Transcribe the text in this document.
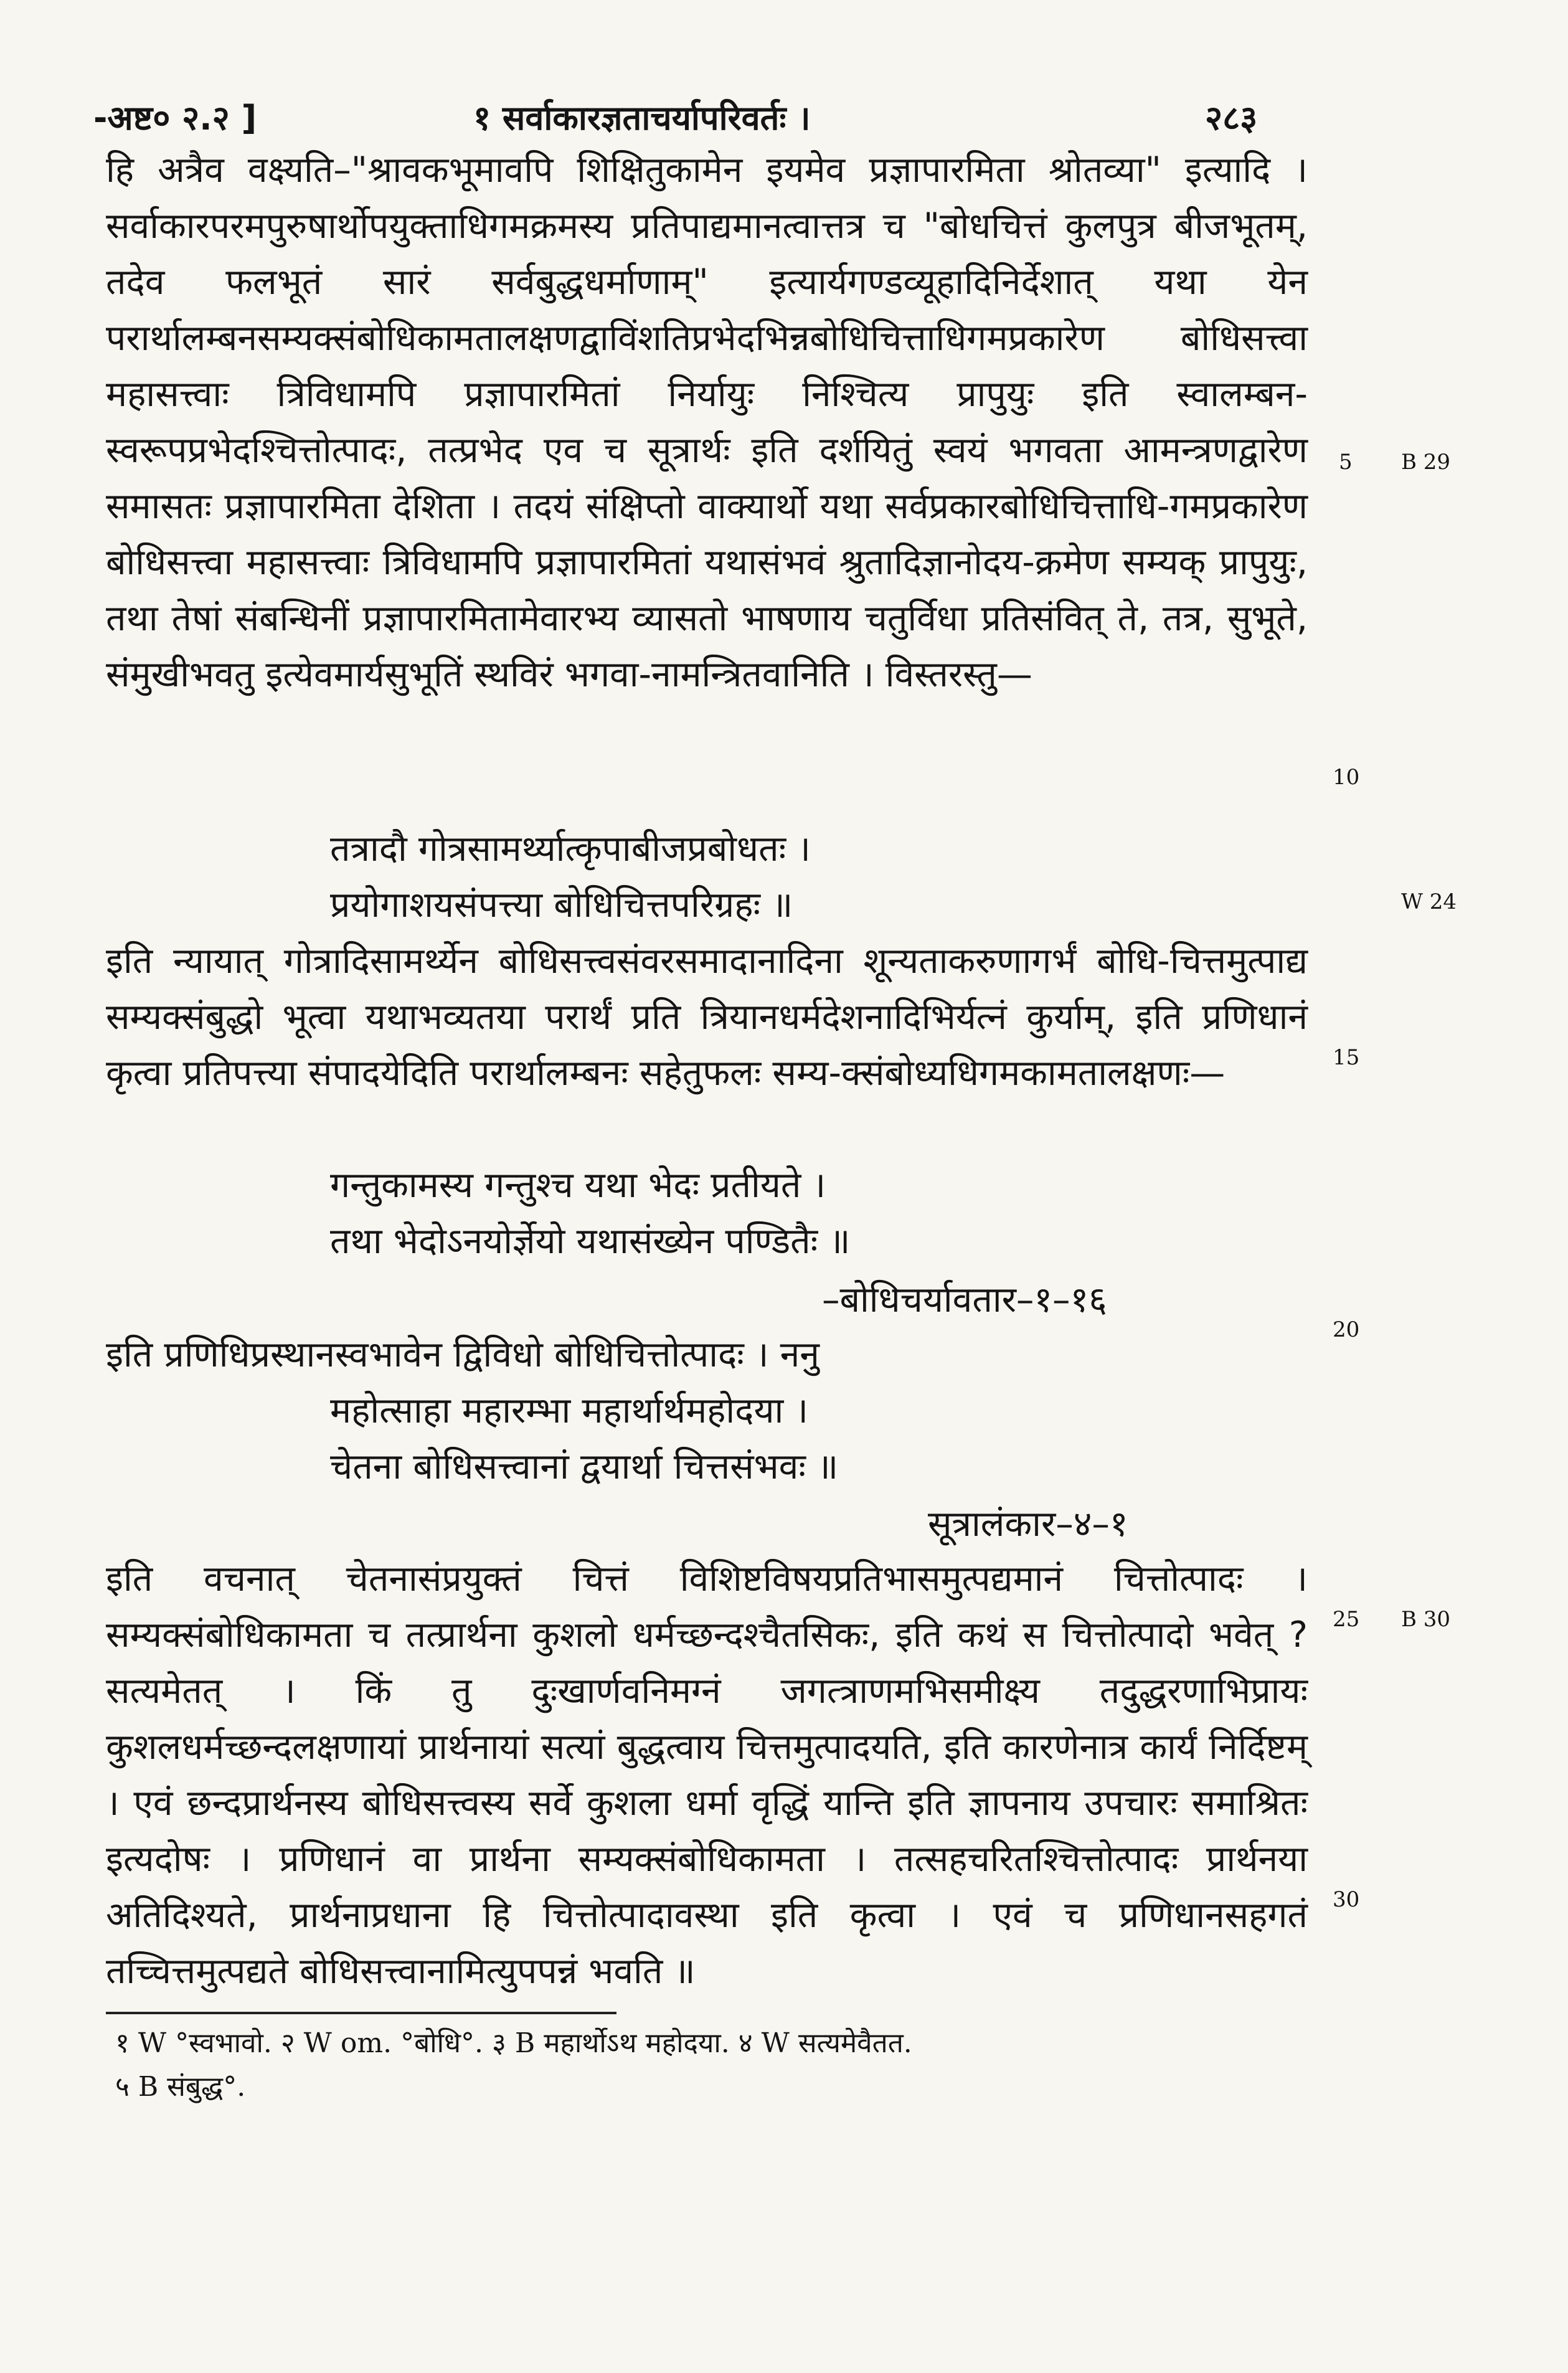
-अष्ट० २.२ ]	१ सर्वाकारज्ञताचर्यापरिवर्तः ।	२८३
हि अत्रैव वक्ष्यति–"श्रावकभूमावपि शिक्षितुकामेन इयमेव प्रज्ञापारमिता श्रोतव्या" इत्यादि । सर्वाकारपरमपुरुषार्थोपयुक्ताधिगमक्रमस्य प्रतिपाद्यमानत्वात्तत्र च "बोधचित्तं कुलपुत्र बीजभूतम्, तदेव फलभूतं सारं सर्वबुद्धधर्माणाम्" इत्यार्यगण्डव्यूहादिनिर्देशात् यथा येन परार्थालम्बनसम्यक्संबोधिकामतालक्षणद्वाविंशतिप्रभेदभिन्नबोधिचित्ताधिगमप्रकारेण बोधिसत्त्वा महासत्त्वाः त्रिविधामपि प्रज्ञापारमितां निर्यायुः निश्चित्य प्रापुयुः इति स्वालम्बन-स्वरूपप्रभेदश्चित्तोत्पादः, तत्प्रभेद एव च सूत्रार्थः इति दर्शयितुं स्वयं भगवता आमन्त्रणद्वारेण समासतः प्रज्ञापारमिता देशिता । तदयं संक्षिप्तो वाक्यार्थो यथा सर्वप्रकारबोधिचित्ताधि-गमप्रकारेण बोधिसत्त्वा महासत्त्वाः त्रिविधामपि प्रज्ञापारमितां यथासंभवं श्रुतादिज्ञानोदय-क्रमेण सम्यक् प्रापुयुः, तथा तेषां संबन्धिनीं प्रज्ञापारमितामेवारभ्य व्यासतो भाषणाय चतुर्विधा प्रतिसंवित् ते, तत्र, सुभूते, संमुखीभवतु इत्येवमार्यसुभूतिं स्थविरं भगवा-नामन्त्रितवानिति । विस्तरस्तु—
तत्रादौ गोत्रसामर्थ्यात्कृपाबीजप्रबोधतः ।
प्रयोगाशयसंपत्त्या बोधिचित्तपरिग्रहः ॥
इति न्यायात् गोत्रादिसामर्थ्येन बोधिसत्त्वसंवरसमादानादिना शून्यताकरुणागर्भं बोधि-चित्तमुत्पाद्य सम्यक्संबुद्धो भूत्वा यथाभव्यतया परार्थं प्रति त्रियानधर्मदेशनादिभिर्यत्नं कुर्याम्, इति प्रणिधानं कृत्वा प्रतिपत्त्या संपादयेदिति परार्थालम्बनः सहेतुफलः सम्य-क्संबोध्यधिगमकामतालक्षणः—
गन्तुकामस्य गन्तुश्च यथा भेदः प्रतीयते ।
तथा भेदोऽनयोर्ज्ञेयो यथासंख्येन पण्डितैः ॥
–बोधिचर्यावतार–१–१६
इति प्रणिधिप्रस्थानस्वभावेन द्विविधो बोधिचित्तोत्पादः । ननु
महोत्साहा महारम्भा महार्थार्थमहोदया ।
चेतना बोधिसत्त्वानां द्वयार्था चित्तसंभवः ॥
सूत्रालंकार–४–१
इति वचनात् चेतनासंप्रयुक्तं चित्तं विशिष्टविषयप्रतिभासमुत्पद्यमानं चित्तोत्पादः । सम्यक्संबोधिकामता च तत्प्रार्थना कुशलो धर्मच्छन्दश्चैतसिकः, इति कथं स चित्तोत्पादो भवेत् ? सत्यमेतत् । किं तु दुःखार्णवनिमग्नं जगत्त्राणमभिसमीक्ष्य तदुद्धरणाभिप्रायः कुशलधर्मच्छन्दलक्षणायां प्रार्थनायां सत्यां बुद्धत्वाय चित्तमुत्पादयति, इति कारणेनात्र कार्यं निर्दिष्टम् । एवं छन्दप्रार्थनस्य बोधिसत्त्वस्य सर्वे कुशला धर्मा वृद्धिं यान्ति इति ज्ञापनाय उपचारः समाश्रितः इत्यदोषः । प्रणिधानं वा प्रार्थना सम्यक्संबोधिकामता । तत्सहचरितश्चित्तोत्पादः प्रार्थनया अतिदिश्यते, प्रार्थनाप्रधाना हि चित्तोत्पादावस्था इति कृत्वा । एवं च प्रणिधानसहगतं तच्चित्तमुत्पद्यते बोधिसत्त्वानामित्युपपन्नं भवति ॥
5
10
15
20
25
30
B 29
W 24
B 30
१ W °स्वभावो. २ W om. °बोधि°. ३ B महार्थोऽथ महोदया. ४ W सत्यमेवैतत.
५ B संबुद्ध°.
